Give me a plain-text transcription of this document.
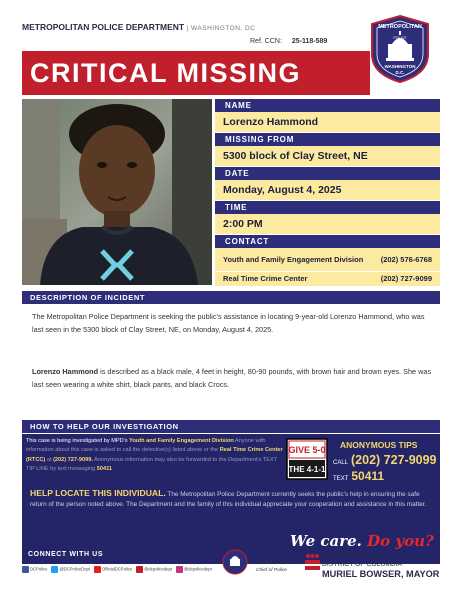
METROPOLITAN POLICE DEPARTMENT | WASHINGTON, DC
Ref. CCN: 25-118-589
METROPOLITAN
WASHINGTON
D.C.
POLICE
CRITICAL MISSING
NAME
Lorenzo Hammond
MISSING FROM
5300 block of Clay Street, NE
DATE
Monday, August 4, 2025
TIME
2:00 PM
CONTACT
Youth and Family Engagement Division (202) 576-6768
Real Time Crime Center	(202) 727-9099
DESCRIPTION OF INCIDENT
The Metropolitan Police Department is seeking the public’s assistance in locating 9-year-old Lorenzo Hammond, who was last seen in the 5300 block of Clay Street, NE, on Monday, August 4, 2025.
Lorenzo Hammond is described as a black male, 4 feet in height, 80-90 pounds, with brown hair and brown eyes. She was last seen wearing a white shirt, black pants, and black Crocs.
HOW TO HELP OUR INVESTIGATION
This case is being investigated by MPD’s Youth and Family Engagement Division Anyone with information about this case is asked to call the detective(s) listed above or the Real Time Crime Center (RTCC) at (202) 727-9099. Anonymous information may also be forwarded to the Department’s TEXT TIP LINE by text messaging 50411
GIVE 5-0
THE 4-1-1
ANONYMOUS TIPS
CALL (202) 727-9099
TEXT 50411
HELP LOCATE THIS INDIVIDUAL. The Metropolitan Police Department currently seeks the public’s help in ensuring the safe return of the person noted above. The Department and the family of this individual appreciate your cooperation and assistance in this matter.
We care. Do you?
CONNECT WITH US
DCPolice	@DCPoliceDept	OfficialDCPolice	@dcpolicedept	@dcpolicedept
Pamela A. Smith
Chief of Police
GOVERNMENT OF THE
DISTRICT OF COLUMBIA
MURIEL BOWSER, MAYOR
